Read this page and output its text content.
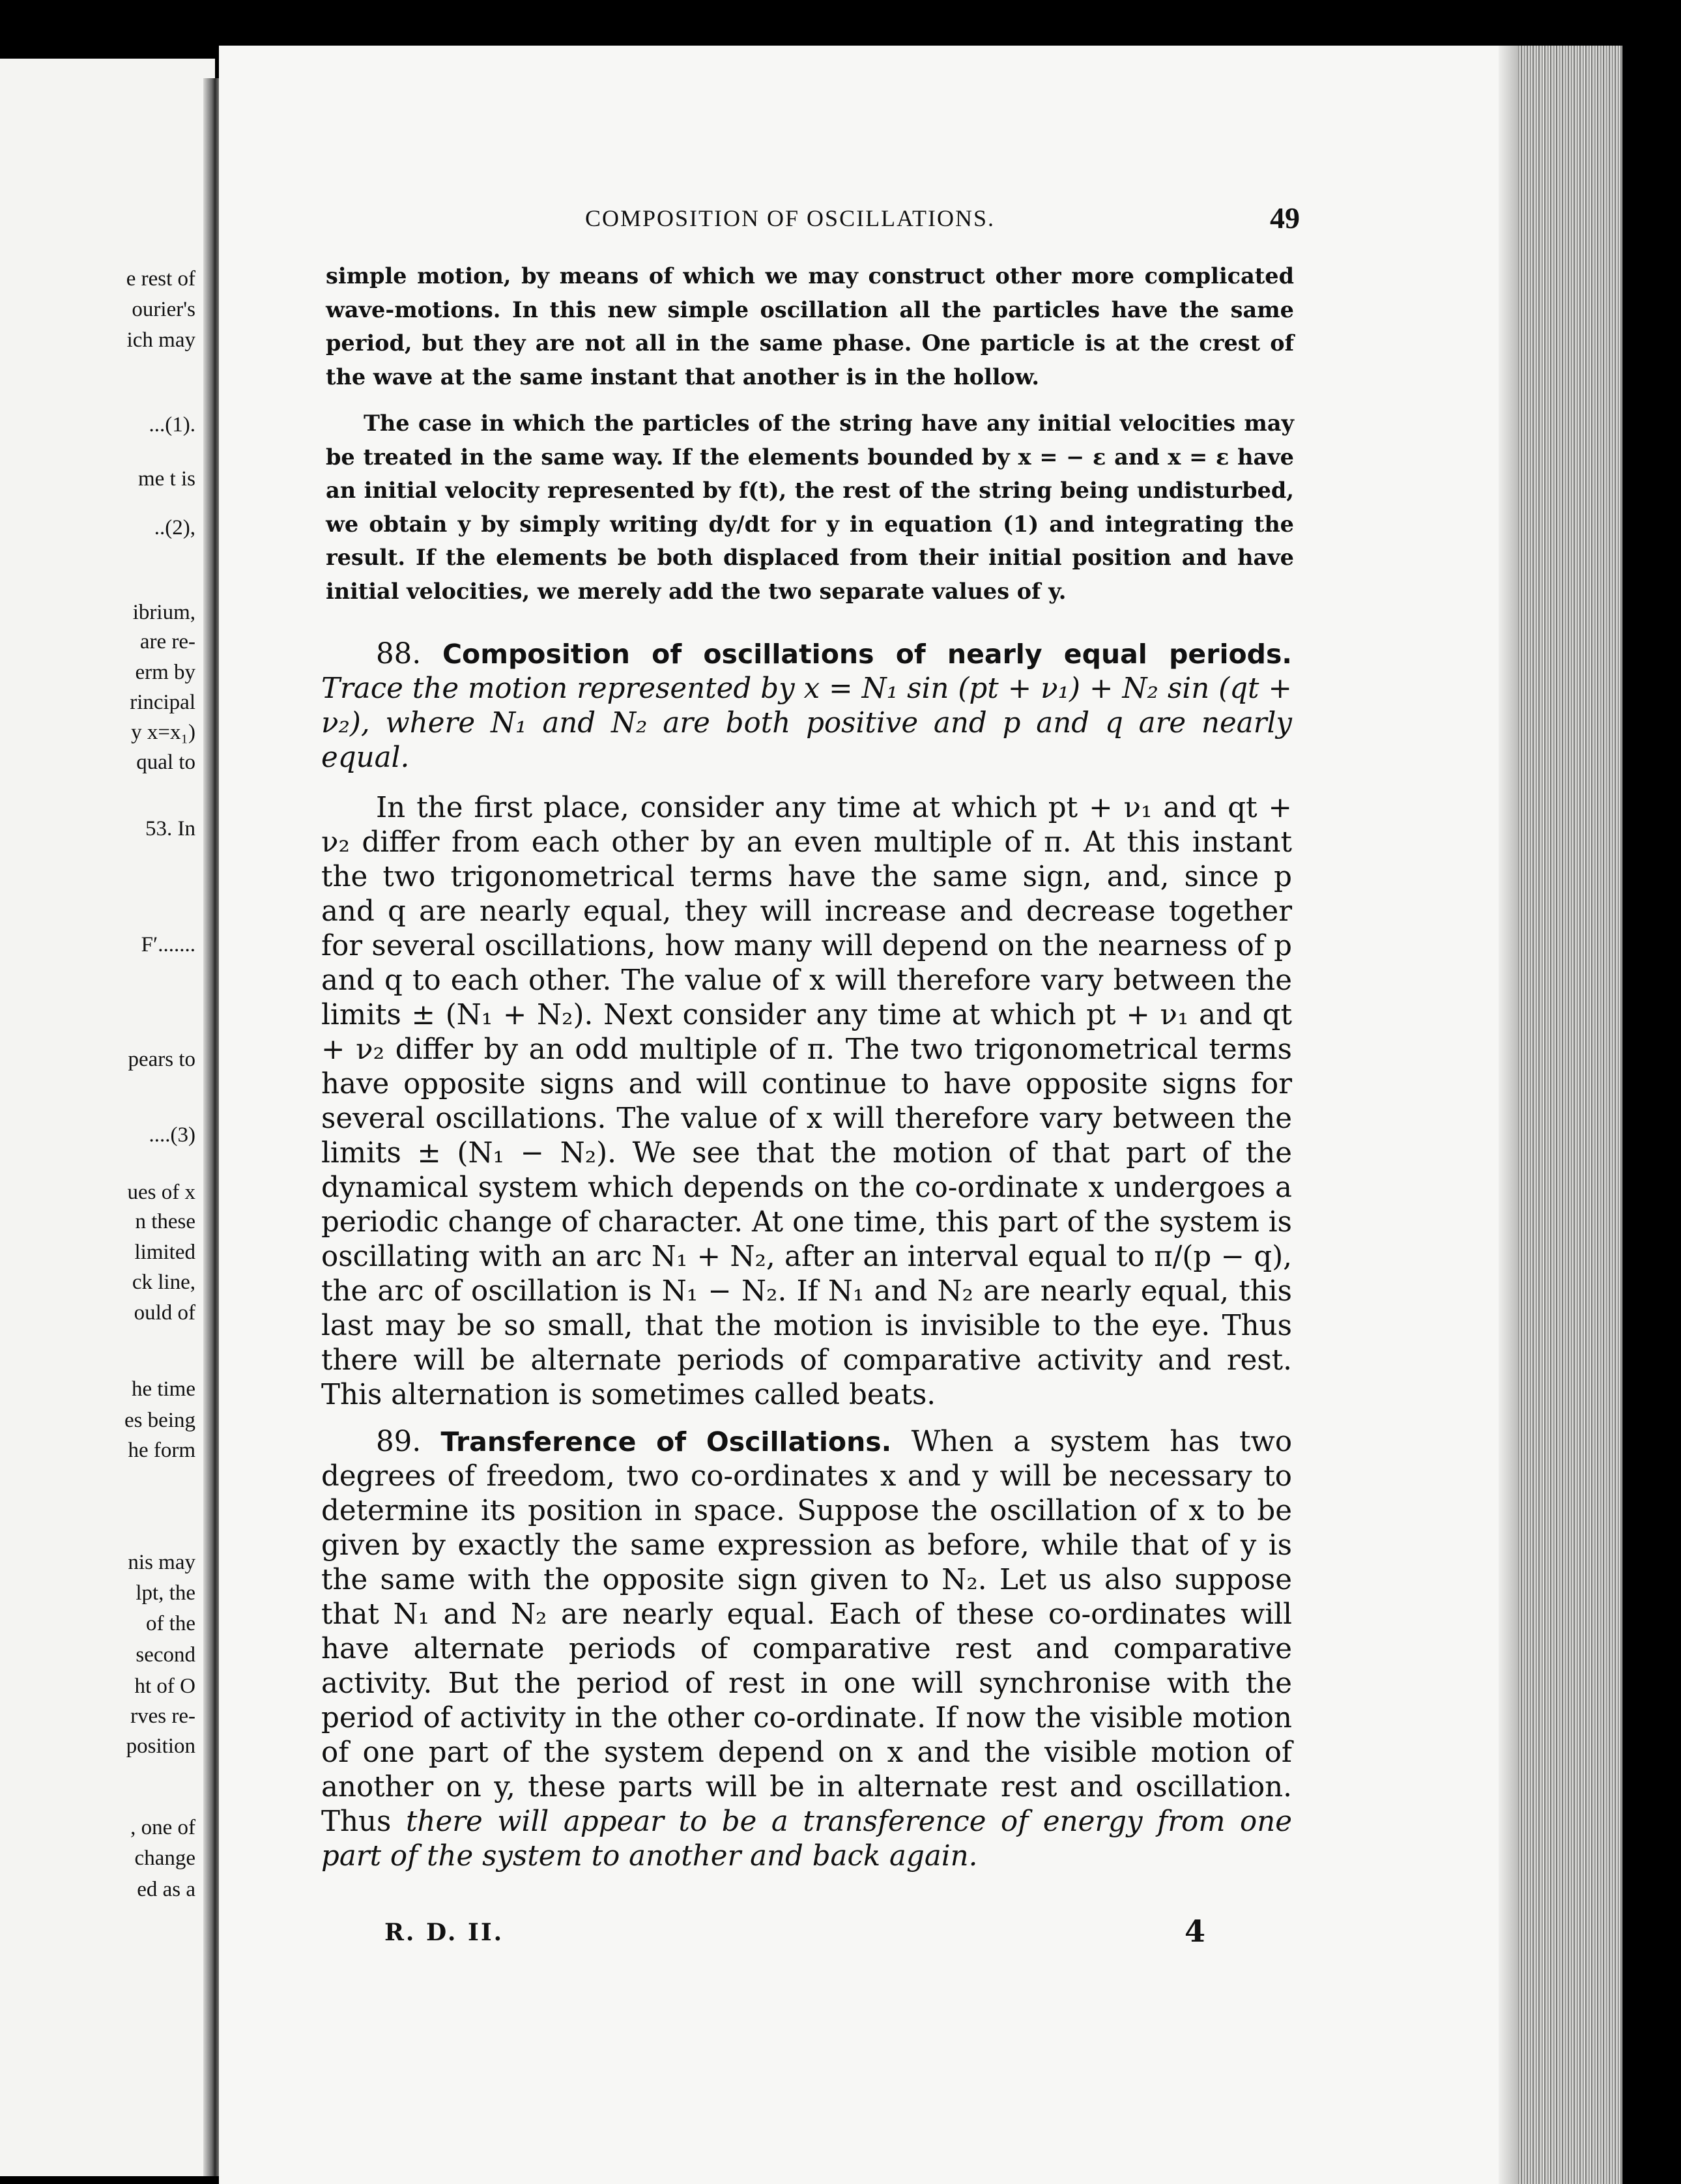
e rest of
ourier's
ich may
...(1).
me t is
..(2),
ibrium,
are re-
erm by
rincipal
y x=x₁)
qual to
53. In
F′.......
pears to
....(3)
ues of x
n these
limited
ck line,
ould of
he time
es being
he form
nis may
lpt, the
of the
second
ht of O
rves re-
position
, one of
change
ed as a
COMPOSITION OF OSCILLATIONS.	49

simple motion, by means of which we may construct other more complicated wave-motions. In this new simple oscillation all the particles have the same period, but they are not all in the same phase. One particle is at the crest of the wave at the same instant that another is in the hollow.

The case in which the particles of the string have any initial velocities may be treated in the same way. If the elements bounded by x = − ε and x = ε have an initial velocity represented by f(t), the rest of the string being undisturbed, we obtain y by simply writing dy/dt for y in equation (1) and integrating the result. If the elements be both displaced from their initial position and have initial velocities, we merely add the two separate values of y.

88. Composition of oscillations of nearly equal periods. Trace the motion represented by x = N₁ sin (pt + ν₁) + N₂ sin (qt + ν₂), where N₁ and N₂ are both positive and p and q are nearly equal.

In the first place, consider any time at which pt + ν₁ and qt + ν₂ differ from each other by an even multiple of π. At this instant the two trigonometrical terms have the same sign, and, since p and q are nearly equal, they will increase and decrease together for several oscillations, how many will depend on the nearness of p and q to each other. The value of x will therefore vary between the limits ± (N₁ + N₂). Next consider any time at which pt + ν₁ and qt + ν₂ differ by an odd multiple of π. The two trigonometrical terms have opposite signs and will continue to have opposite signs for several oscillations. The value of x will therefore vary between the limits ± (N₁ − N₂). We see that the motion of that part of the dynamical system which depends on the co-ordinate x undergoes a periodic change of character. At one time, this part of the system is oscillating with an arc N₁ + N₂, after an interval equal to π/(p − q), the arc of oscillation is N₁ − N₂. If N₁ and N₂ are nearly equal, this last may be so small, that the motion is invisible to the eye. Thus there will be alternate periods of comparative activity and rest. This alternation is sometimes called beats.

89. Transference of Oscillations. When a system has two degrees of freedom, two co-ordinates x and y will be necessary to determine its position in space. Suppose the oscillation of x to be given by exactly the same expression as before, while that of y is the same with the opposite sign given to N₂. Let us also suppose that N₁ and N₂ are nearly equal. Each of these co-ordinates will have alternate periods of comparative rest and comparative activity. But the period of rest in one will synchronise with the period of activity in the other co-ordinate. If now the visible motion of one part of the system depend on x and the visible motion of another on y, these parts will be in alternate rest and oscillation. Thus there will appear to be a transference of energy from one part of the system to another and back again.

R. D. II.	4
